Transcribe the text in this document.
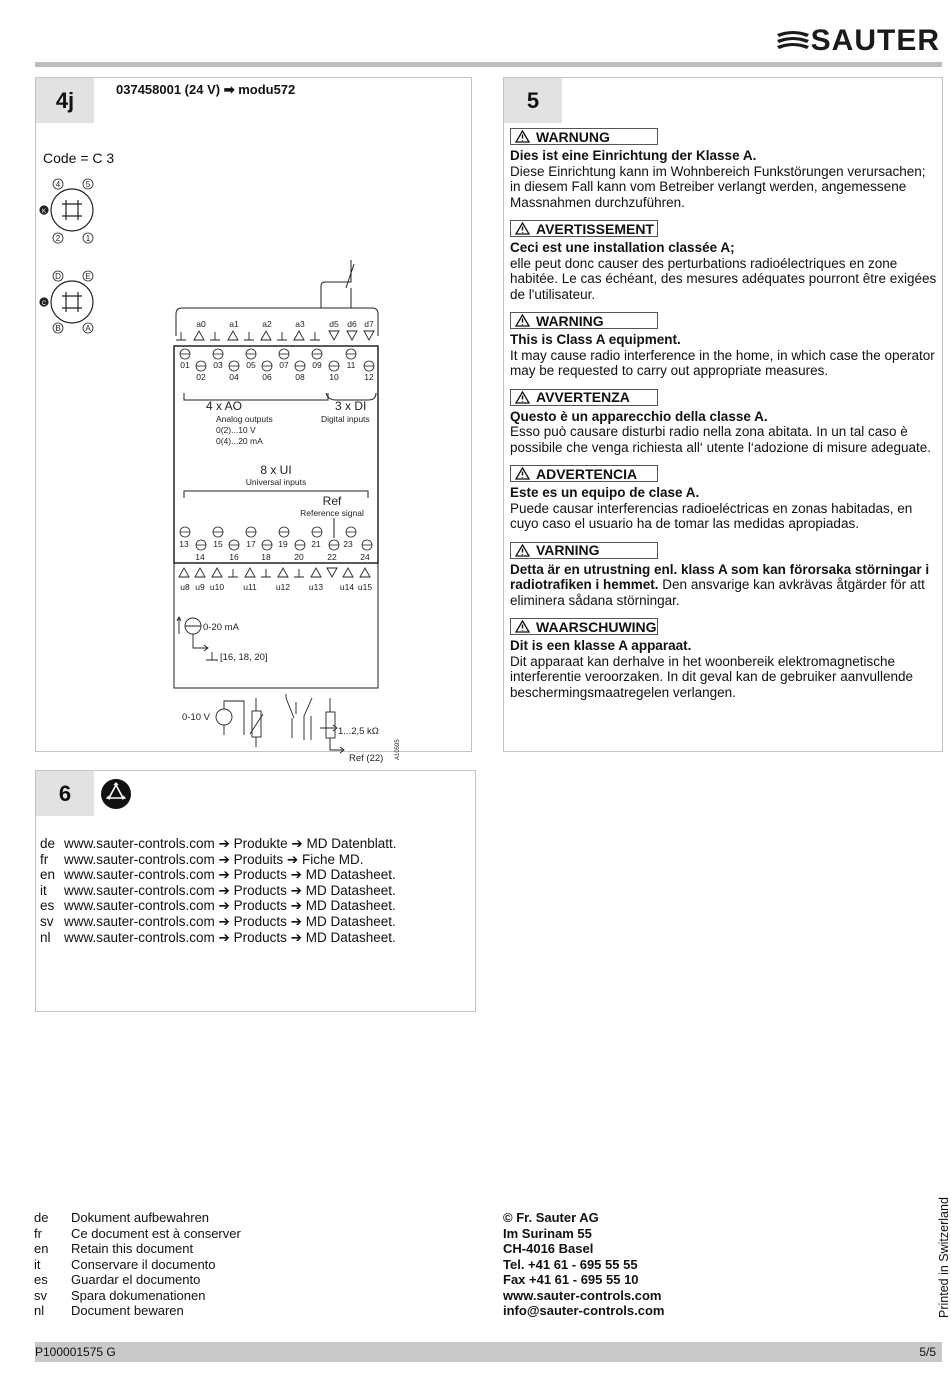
SAUTER
4j	037458001 (24 V) ➡ modu572
Code = C 3
4	5
2	1
D	E
B	A
K
C
a0	a1	a2	a3	d5 d6 d7
01	03	05	07	09	11
02	04	06	08	10	12
4 x AO
Analog outputs
0(2)...10 V
0(4)...20 mA
3 x DI
Digital inputs
8 x UI
Universal inputs
Ref
Reference signal
13	15	17	19	21	23
14	16	18	20	22	24
u8 u9 u10 u11 u12 u13 u14 u15
0-20 mA
[16, 18, 20]
0-10 V
1...2,5 kΩ
Ref (22) A10595
5
WARNUNG
Dies ist eine Einrichtung der Klasse A.
Diese Einrichtung kann im Wohnbereich Funkstörungen verursachen; in diesem Fall kann vom Betreiber verlangt werden, angemessene Massnahmen durchzuführen.
AVERTISSEMENT
Ceci est une installation classée A;
elle peut donc causer des perturbations radioélectriques en zone habitée. Le cas échéant, des mesures adéquates pourront être exigées de l'utilisateur.
WARNING
This is Class A equipment.
It may cause radio interference in the home, in which case the operator may be requested to carry out appropriate measures.
AVVERTENZA
Questo è un apparecchio della classe A.
Esso può causare disturbi radio nella zona abitata. In un tal caso è possibile che venga richiesta all‘ utente l‘adozione di misure adeguate.
ADVERTENCIA
Este es un equipo de clase A.
Puede causar interferencias radioeléctricas en zonas habitadas, en cuyo caso el usuario ha de tomar las medidas apropiadas.
VARNING
Detta är en utrustning enl. klass A som kan förorsaka störningar i radiotrafiken i hemmet. Den ansvarige kan avkrävas åtgärder för att eliminera sådana störningar.
WAARSCHUWING
Dit is een klasse A apparaat.
Dit apparaat kan derhalve in het woonbereik elektromagnetische interferentie veroorzaken. In dit geval kan de gebruiker aanvullende beschermingsmaatregelen verlangen.
6
de www.sauter-controls.com ➔ Produkte ➔ MD Datenblatt.
fr	www.sauter-controls.com ➔ Produits ➔ Fiche MD.
en www.sauter-controls.com ➔ Products ➔ MD Datasheet.
it	www.sauter-controls.com ➔ Products ➔ MD Datasheet.
es www.sauter-controls.com ➔ Products ➔ MD Datasheet.
sv www.sauter-controls.com ➔ Products ➔ MD Datasheet.
nl www.sauter-controls.com ➔ Products ➔ MD Datasheet.
de	Dokument aufbewahren
fr	Ce document est à conserver
en	Retain this document
it	Conservare il documento
es	Guardar el documento
sv	Spara dokumenationen
nl	Document bewaren
© Fr. Sauter AG
Im Surinam 55
CH-4016 Basel
Tel. +41 61 - 695 55 55
Fax +41 61 - 695 55 10
www.sauter-controls.com
info@sauter-controls.com	Printed in Switzerland
P100001575 G	5/5
